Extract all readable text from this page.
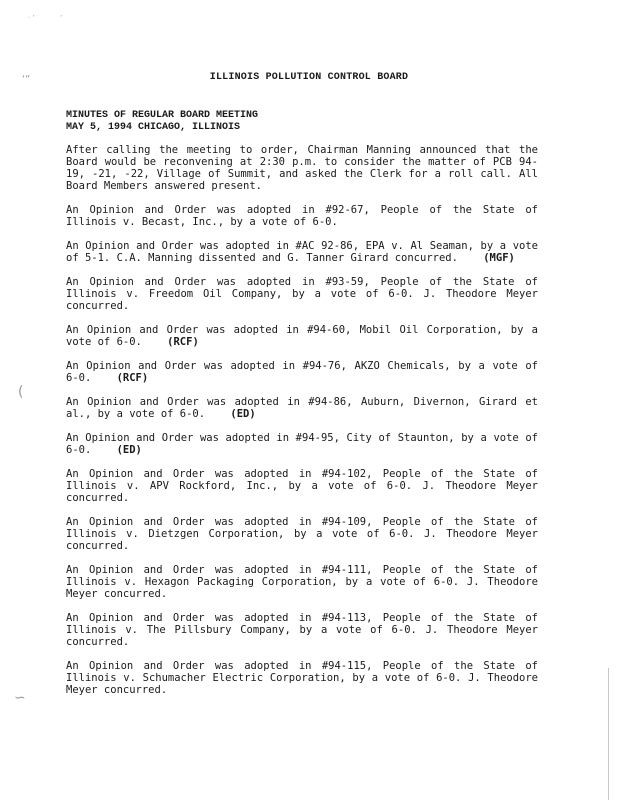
· ’	’
‘“
(
∽
ILLINOIS POLLUTION CONTROL BOARD
MINUTES OF REGULAR BOARD MEETING
MAY 5, 1994 CHICAGO, ILLINOIS

After calling the meeting to order, Chairman Manning announced that the Board would be reconvening at 2:30 p.m. to consider the matter of PCB 94-19, -21, -22, Village of Summit, and asked the Clerk for a roll call. All Board Members answered present.

An Opinion and Order was adopted in #92-67, People of the State of Illinois v. Becast, Inc., by a vote of 6-0.

An Opinion and Order was adopted in #AC 92-86, EPA v. Al Seaman, by a vote of 5-1. C.A. Manning dissented and G. Tanner Girard concurred. (MGF)

An Opinion and Order was adopted in #93-59, People of the State of Illinois v. Freedom Oil Company, by a vote of 6-0. J. Theodore Meyer concurred.

An Opinion and Order was adopted in #94-60, Mobil Oil Corporation, by a vote of 6-0. (RCF)

An Opinion and Order was adopted in #94-76, AKZO Chemicals, by a vote of 6-0. (RCF)

An Opinion and Order was adopted in #94-86, Auburn, Divernon, Girard et al., by a vote of 6-0. (ED)

An Opinion and Order was adopted in #94-95, City of Staunton, by a vote of 6-0. (ED)

An Opinion and Order was adopted in #94-102, People of the State of Illinois v. APV Rockford, Inc., by a vote of 6-0. J. Theodore Meyer concurred.

An Opinion and Order was adopted in #94-109, People of the State of Illinois v. Dietzgen Corporation, by a vote of 6-0. J. Theodore Meyer concurred.

An Opinion and Order was adopted in #94-111, People of the State of Illinois v. Hexagon Packaging Corporation, by a vote of 6-0. J. Theodore Meyer concurred.

An Opinion and Order was adopted in #94-113, People of the State of Illinois v. The Pillsbury Company, by a vote of 6-0. J. Theodore Meyer concurred.

An Opinion and Order was adopted in #94-115, People of the State of Illinois v. Schumacher Electric Corporation, by a vote of 6-0. J. Theodore Meyer concurred.
